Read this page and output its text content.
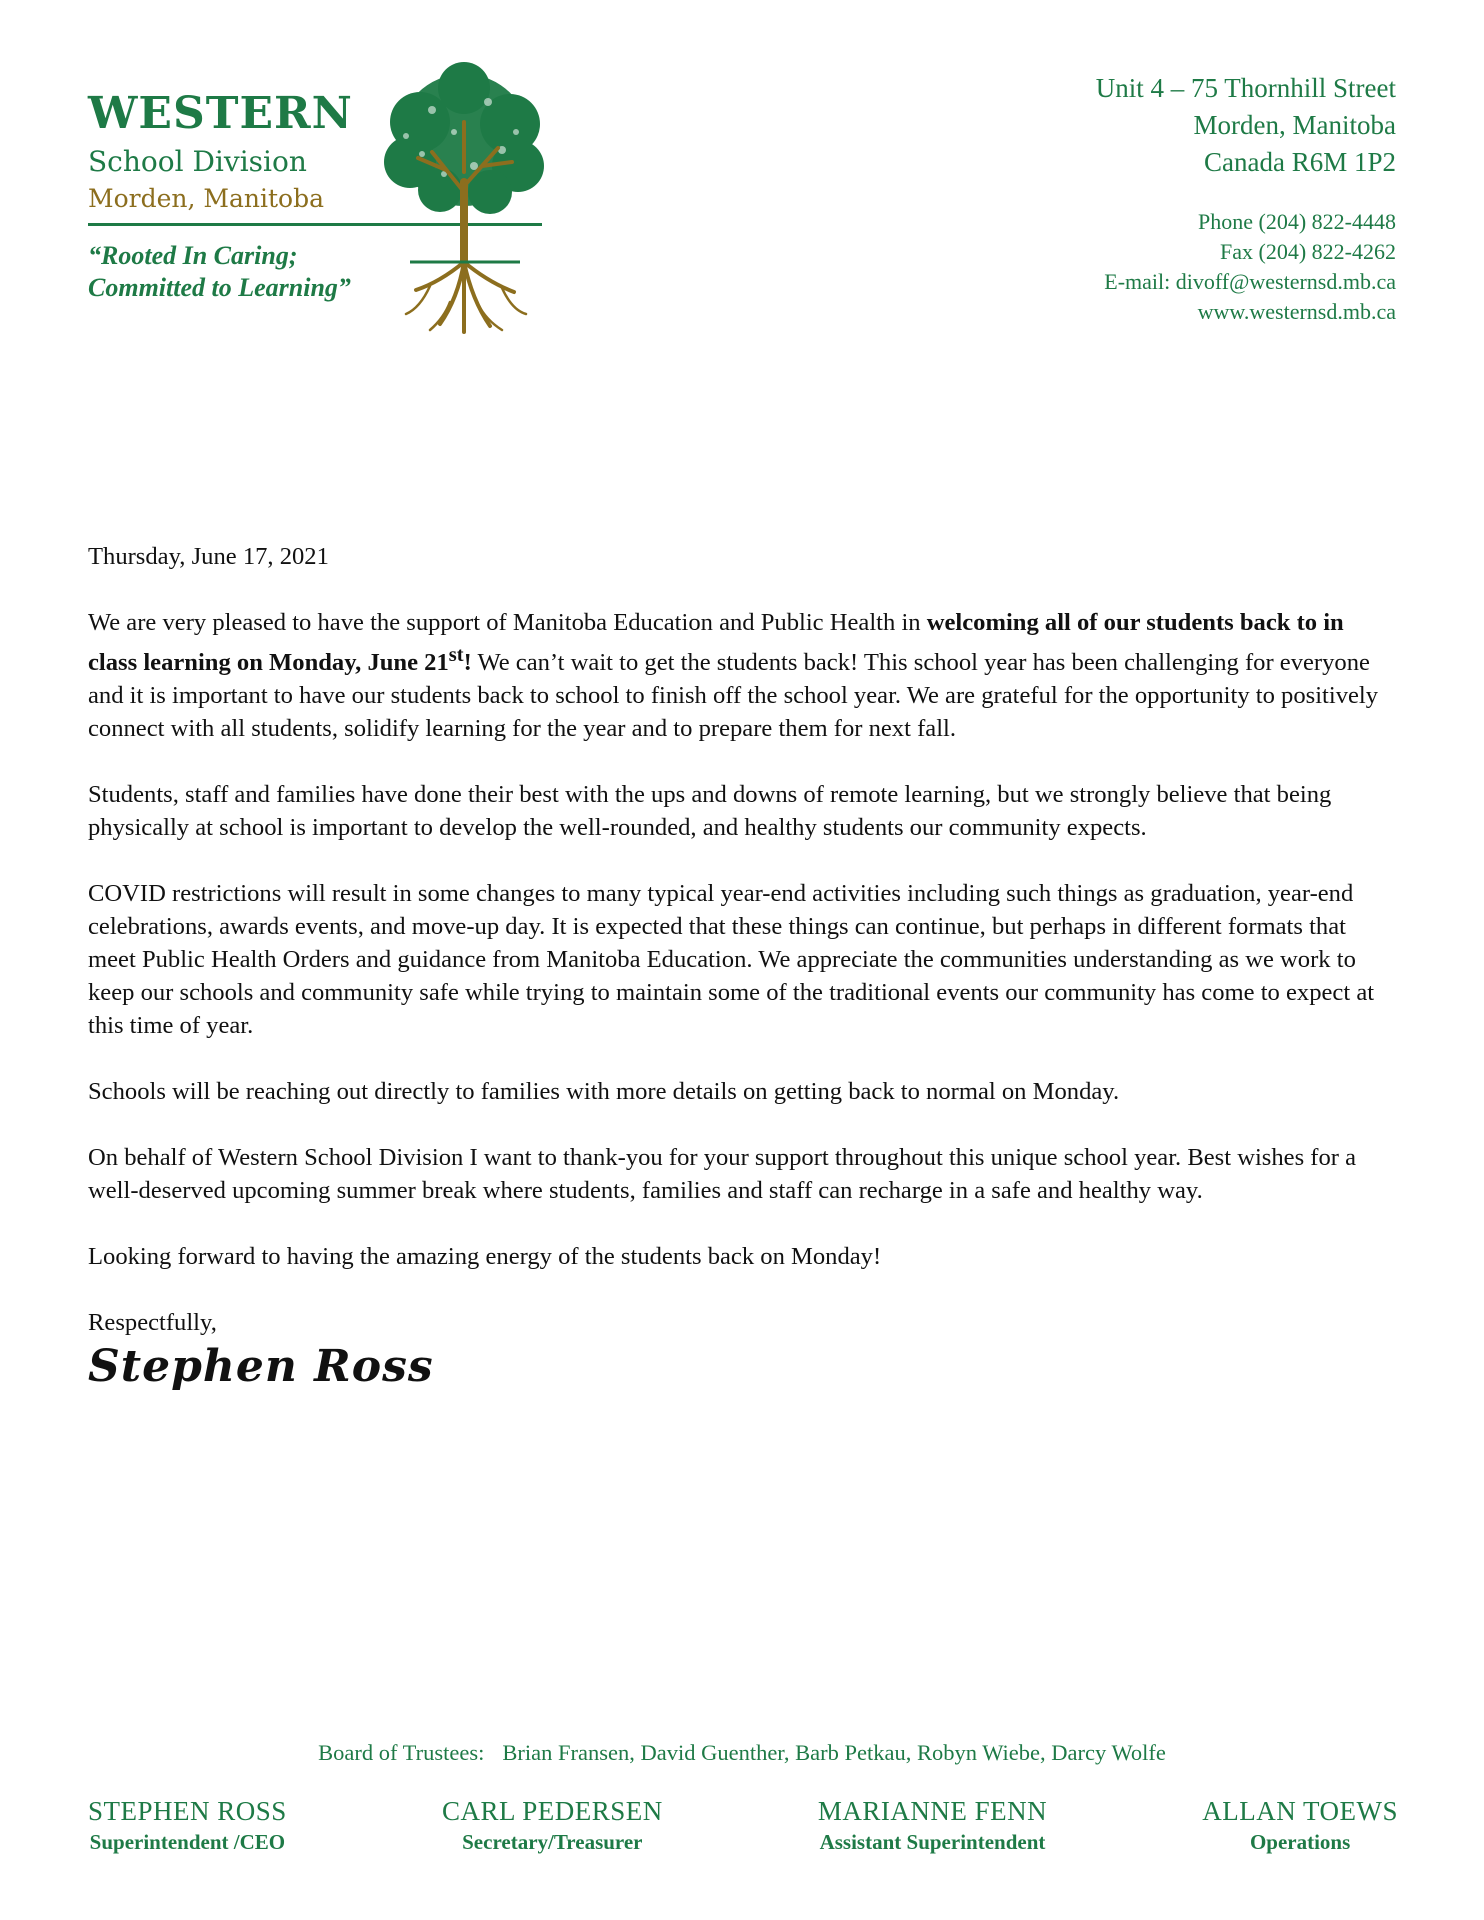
WESTERN
School Division
Morden, Manitoba
“Rooted In Caring; Committed to Learning”
Unit 4 – 75 Thornhill Street
Morden, Manitoba
Canada R6M 1P2
Phone (204) 822-4448
Fax (204) 822-4262
E-mail: divoff@westernsd.mb.ca
www.westernsd.mb.ca

Thursday, June 17, 2021

We are very pleased to have the support of Manitoba Education and Public Health in welcoming all of our students back to in class learning on Monday, June 21st! We can’t wait to get the students back! This school year has been challenging for everyone and it is important to have our students back to school to finish off the school year. We are grateful for the opportunity to positively connect with all students, solidify learning for the year and to prepare them for next fall.

Students, staff and families have done their best with the ups and downs of remote learning, but we strongly believe that being physically at school is important to develop the well-rounded, and healthy students our community expects.

COVID restrictions will result in some changes to many typical year-end activities including such things as graduation, year-end celebrations, awards events, and move-up day. It is expected that these things can continue, but perhaps in different formats that meet Public Health Orders and guidance from Manitoba Education. We appreciate the communities understanding as we work to keep our schools and community safe while trying to maintain some of the traditional events our community has come to expect at this time of year.

Schools will be reaching out directly to families with more details on getting back to normal on Monday.

On behalf of Western School Division I want to thank-you for your support throughout this unique school year. Best wishes for a well-deserved upcoming summer break where students, families and staff can recharge in a safe and healthy way.

Looking forward to having the amazing energy of the students back on Monday!

Respectfully,

Stephen Ross
Board of Trustees: Brian Fransen, David Guenther, Barb Petkau, Robyn Wiebe, Darcy Wolfe
STEPHEN ROSS
Superintendent /CEO
CARL PEDERSEN
Secretary/Treasurer
MARIANNE FENN
Assistant Superintendent
ALLAN TOEWS
Operations
